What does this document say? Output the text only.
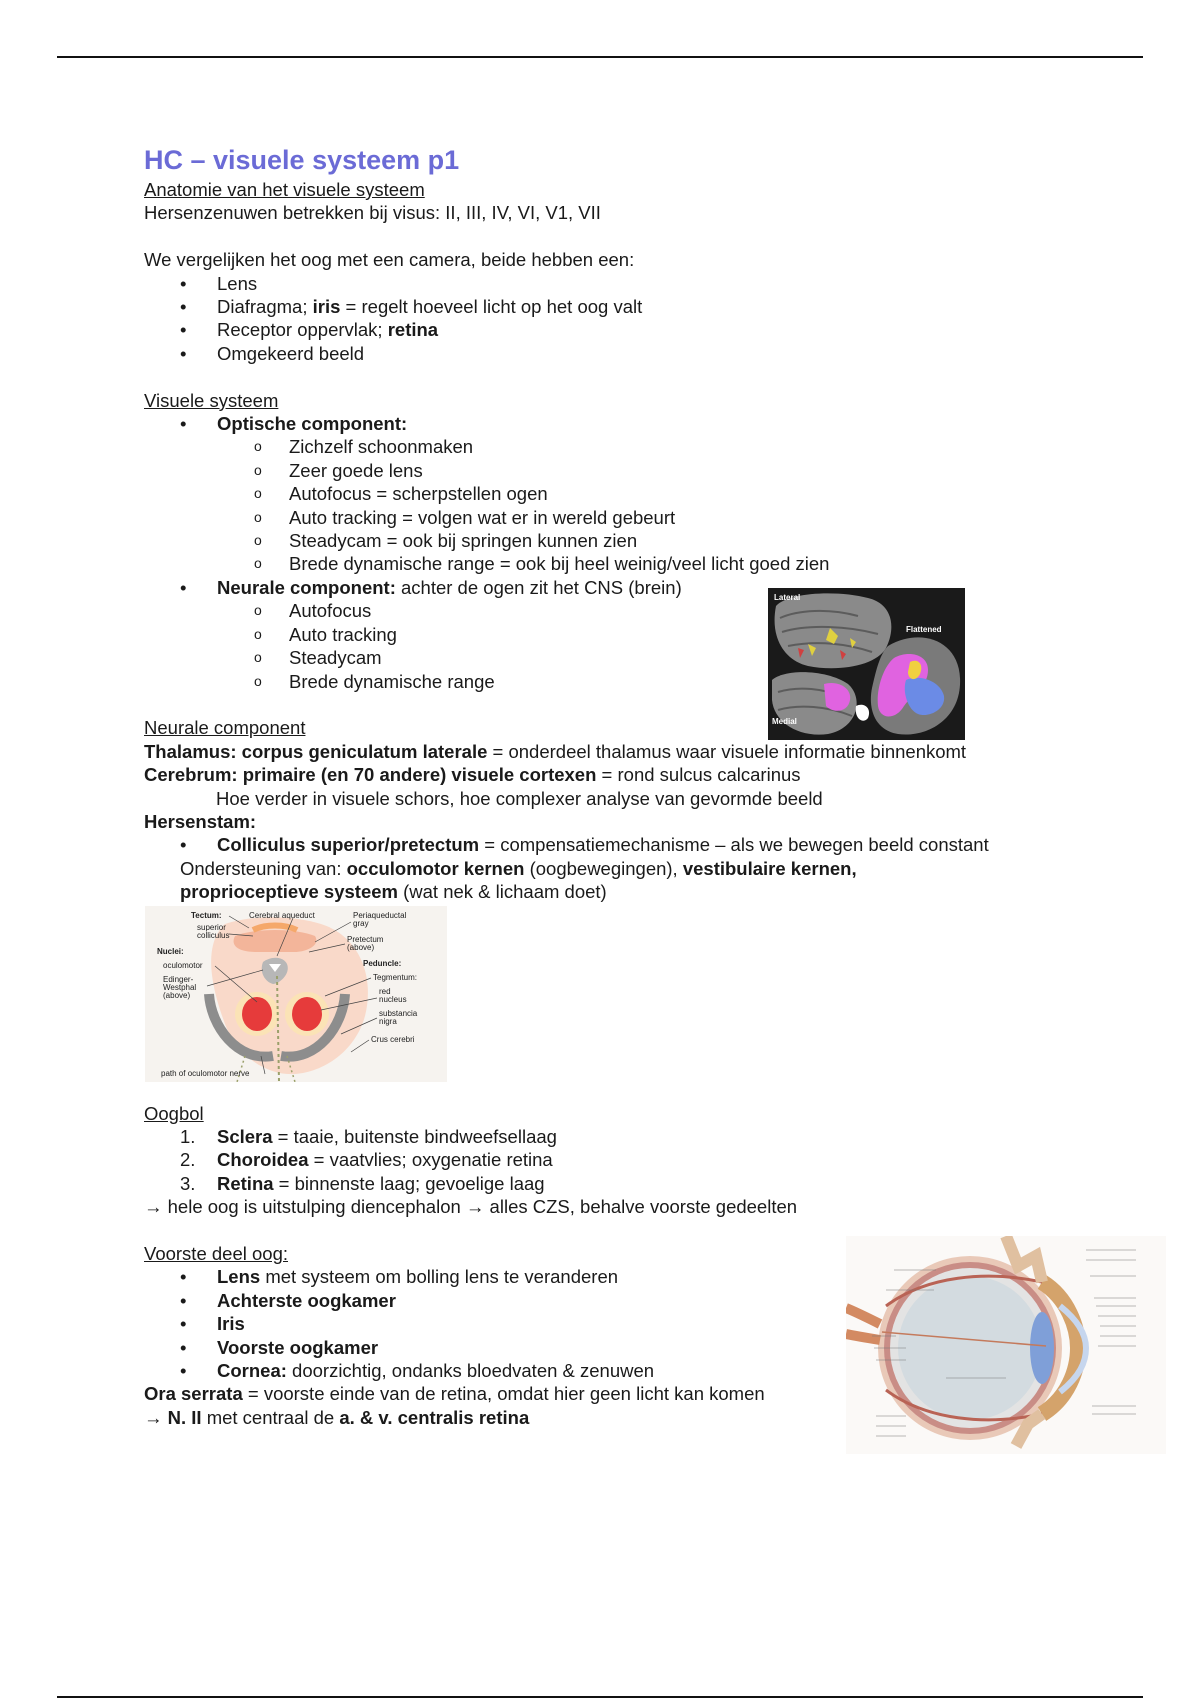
HC – visuele systeem p1
Anatomie van het visuele systeem
Hersenzenuwen betrekken bij visus: II, III, IV, VI, V1, VII
We vergelijken het oog met een camera, beide hebben een:
•	Lens
•	Diafragma; iris = regelt hoeveel licht op het oog valt
•	Receptor oppervlak; retina
•	Omgekeerd beeld
Visuele systeem
•	Optische component:
o Zichzelf schoonmaken
o Zeer goede lens
o Autofocus = scherpstellen ogen
o Auto tracking = volgen wat er in wereld gebeurt
o Steadycam = ook bij springen kunnen zien
o Brede dynamische range = ook bij heel weinig/veel licht goed zien
•	Neurale component: achter de ogen zit het CNS (brein)
o Autofocus
o Auto tracking
o Steadycam
o Brede dynamische range
Neurale component
Thalamus: corpus geniculatum laterale = onderdeel thalamus waar visuele informatie binnenkomt
Cerebrum: primaire (en 70 andere) visuele cortexen = rond sulcus calcarinus
Hoe verder in visuele schors, hoe complexer analyse van gevormde beeld
Hersenstam:
•	Colliculus superior/pretectum = compensatiemechanisme – als we bewegen beeld constant
Ondersteuning van: occulomotor kernen (oogbewegingen), vestibulaire kernen,
proprioceptieve systeem (wat nek & lichaam doet)
Oogbol
1. Sclera = taaie, buitenste bindweefsellaag
2. Choroidea = vaatvlies; oxygenatie retina
3. Retina = binnenste laag; gevoelige laag
→ hele oog is uitstulping diencephalon → alles CZS, behalve voorste gedeelten
Voorste deel oog:
•	Lens met systeem om bolling lens te veranderen
•	Achterste oogkamer
•	Iris
•	Voorste oogkamer
•	Cornea: doorzichtig, ondanks bloedvaten & zenuwen
Ora serrata = voorste einde van de retina, omdat hier geen licht kan komen
→ N. II met centraal de a. & v. centralis retina
Lateral
Flattened
Medial
Tectum:
superior
colliculus
Nuclei:
oculomotor
Edinger-
Westphal
(above)
Cerebral aqueduct	Periaqueductal
gray
Pretectum
(above)
Peduncle:
Tegmentum:
red
nucleus
substancia
nigra
Crus cerebri
path of oculomotor nerve
